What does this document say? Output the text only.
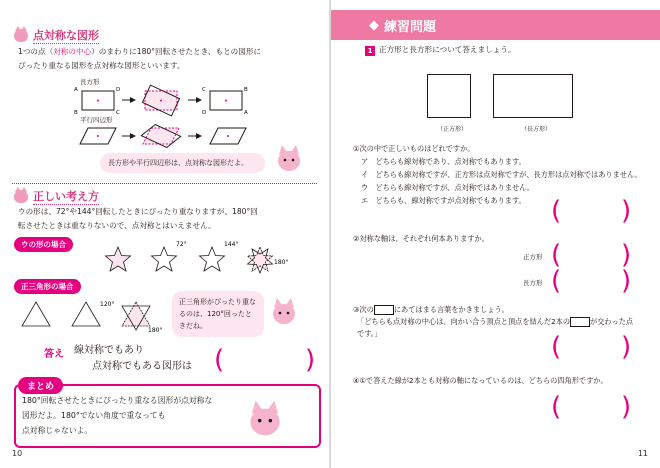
点対称な図形
1つの点（対称の中心）のまわりに180°回転させたとき、もとの図形に
ぴったり重なる図形を点対称な図形といいます。
長方形
A	D
B	C
C	B
D	A
平行四辺形
長方形や平行四辺形は、点対称な図形だよ。
正しい考え方
ウの形は、72°や144°回転したときにぴったり重なりますが、180°回
転させたときは重なりないので、点対称とはいえません。
ウの形の場合	72°	144°
180°
正三角形の場合
120°
180°
正三角形がぴったり重なるのは、120°回ったときだね。
答え 線対称でもあり
点対称でもある図形は (	)
まとめ
180°回転させたときにぴったり重なる図形が点対称な
図形だよ。180°でない角度で重なっても
点対称じゃないよ。
10
◆ 練習問題
1 正方形と長方形について答えましょう。
（正方形）	（長方形）
①次の中で正しいものはどれですか。
ア　どちらも線対称であり、点対称でもあります。
イ　どちらも線対称ですが、正方形は点対称ですが、長方形は点対称ではありません。
ウ　どちらも線対称ですが、点対称ではありません。
エ　どちらも、線対称ですが点対称でもあります。 ( )
②対称な軸は、それぞれ何本ありますか。
正方形 ( )
長方形 ( )
③次の	にあてはまる言葉をかきましょう。
「どちらも点対称の中心は、向かい合う頂点と頂点を結んだ2本の	が交わった点
です。」	( )
④①で答えた線が2本とも対称の軸になっているのは、どちらの四角形ですか。
( )
11
